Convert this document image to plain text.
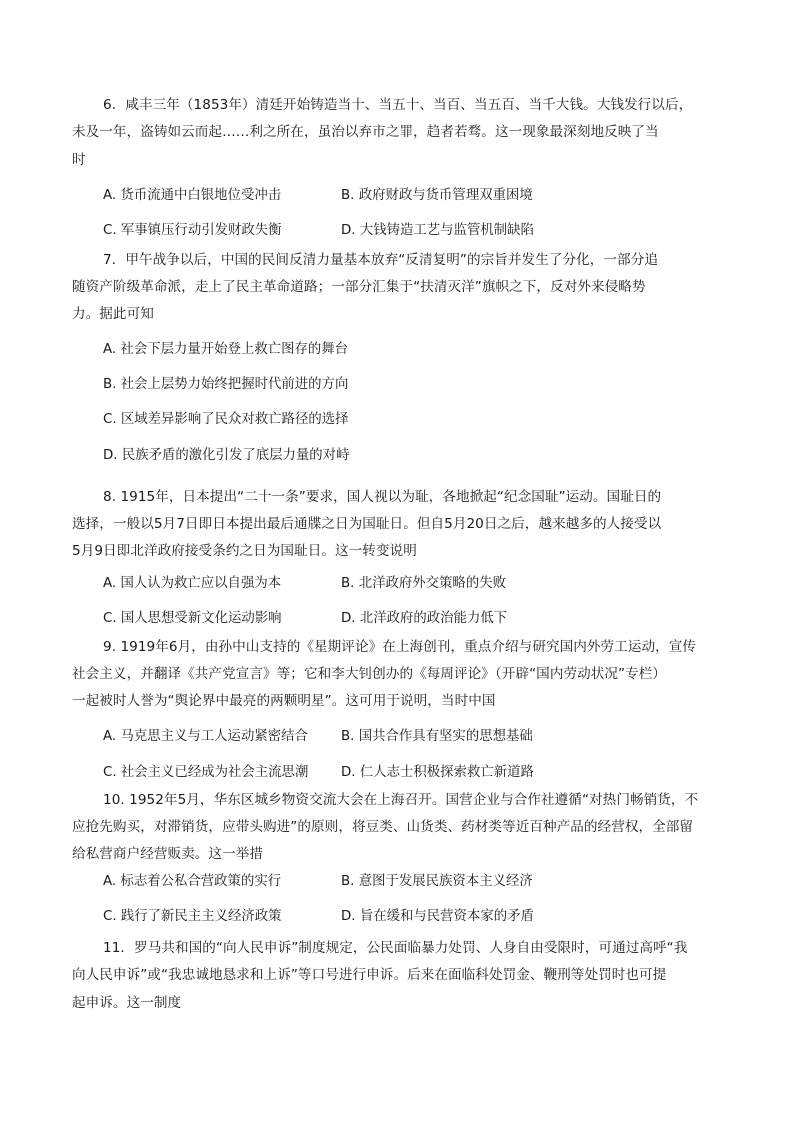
6．咸丰三年（1853年）清廷开始铸造当十、当五十、当百、当五百、当千大钱。大钱发行以后，
未及一年，盗铸如云而起……利之所在，虽治以弃市之罪，趋者若骛。这一现象最深刻地反映了当
时
A. 货币流通中白银地位受冲击	B. 政府财政与货币管理双重困境
C. 军事镇压行动引发财政失衡	D. 大钱铸造工艺与监管机制缺陷
7．甲午战争以后，中国的民间反清力量基本放弃“反清复明”的宗旨并发生了分化，一部分追
随资产阶级革命派，走上了民主革命道路；一部分汇集于“扶清灭洋”旗帜之下，反对外来侵略势
力。据此可知
A. 社会下层力量开始登上救亡图存的舞台
B. 社会上层势力始终把握时代前进的方向
C. 区域差异影响了民众对救亡路径的选择
D. 民族矛盾的激化引发了底层力量的对峙
8. 1915年，日本提出“二十一条”要求，国人视以为耻，各地掀起“纪念国耻”运动。国耻日的
选择，一般以5月7日即日本提出最后通牒之日为国耻日。但自5月20日之后，越来越多的人接受以
5月9日即北洋政府接受条约之日为国耻日。这一转变说明
A. 国人认为救亡应以自强为本	B. 北洋政府外交策略的失败
C. 国人思想受新文化运动影响	D. 北洋政府的政治能力低下
9. 1919年6月，由孙中山支持的《星期评论》在上海创刊，重点介绍与研究国内外劳工运动，宣传
社会主义，并翻译《共产党宣言》等；它和李大钊创办的《每周评论》（开辟“国内劳动状况”专栏）
一起被时人誉为“舆论界中最亮的两颗明星”。这可用于说明，当时中国
A. 马克思主义与工人运动紧密结合 B. 国共合作具有坚实的思想基础
C. 社会主义已经成为社会主流思潮 D. 仁人志士积极探索救亡新道路
10. 1952年5月，华东区城乡物资交流大会在上海召开。国营企业与合作社遵循“对热门畅销货，不
应抢先购买，对滞销货，应带头购进”的原则，将豆类、山货类、药材类等近百种产品的经营权，全部留
给私营商户经营贩卖。这一举措
A. 标志着公私合营政策的实行	B. 意图于发展民族资本主义经济
C. 践行了新民主主义经济政策	D. 旨在缓和与民营资本家的矛盾
11．罗马共和国的“向人民申诉”制度规定，公民面临暴力处罚、人身自由受限时，可通过高呼“我
向人民申诉”或“我忠诚地恳求和上诉”等口号进行申诉。后来在面临科处罚金、鞭刑等处罚时也可提
起申诉。这一制度
